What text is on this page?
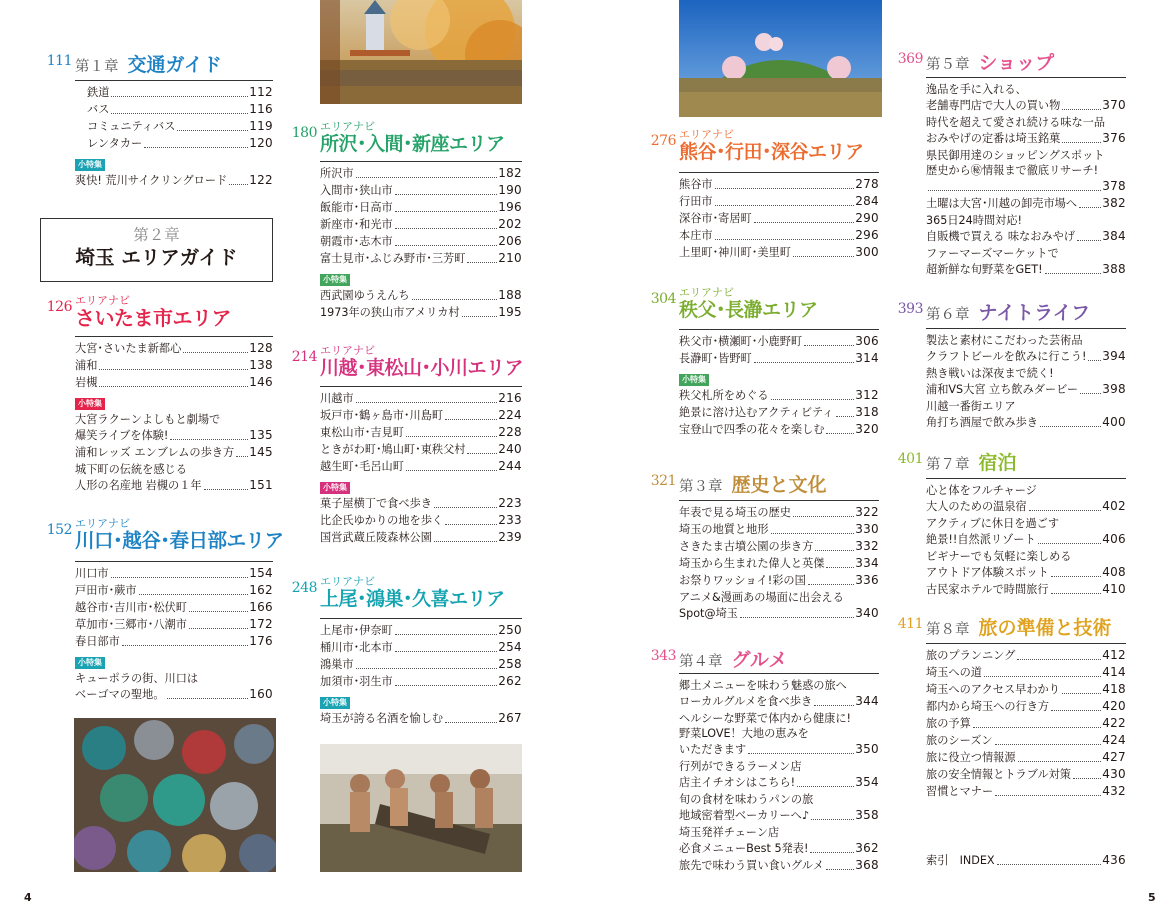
111 第１章 交通ガイド
鉄道	112
バス	116
コミュニティバス	119
レンタカー	120
小特集
爽快! 荒川サイクリングロード 122
第２章
埼玉 エリアガイド
126 エリアナビ
さいたま市エリア
大宮･さいたま新都心	128
浦和	138
岩槻	146
小特集
大宮ラクーンよしもと劇場で
爆笑ライブを体験!	135
浦和レッズ エンブレムの歩き方 145
城下町の伝統を感じる
人形の名産地 岩槻の１年	151
152 エリアナビ
川口･越谷･春日部エリア
川口市	154
戸田市･蕨市	162
越谷市･吉川市･松伏町	166
草加市･三郷市･八潮市	172
春日部市	176
小特集
キューポラの街、川口は
ベーゴマの聖地。	160
180 エリアナビ
所沢･入間･新座エリア
所沢市	182
入間市･狭山市	190
飯能市･日高市	196
新座市･和光市	202
朝霞市･志木市	206
富士見市･ふじみ野市･三芳町	210
小特集
西武園ゆうえんち	188
1973年の狭山市アメリカ村	195
214 エリアナビ
川越･東松山･小川エリア
川越市	216
坂戸市･鶴ヶ島市･川島町	224
東松山市･吉見町	228
ときがわ町･鳩山町･東秩父村	240
越生町･毛呂山町	244
小特集
菓子屋横丁で食べ歩き	223
比企氏ゆかりの地を歩く	233
国営武蔵丘陵森林公園	239
248 エリアナビ
上尾･鴻巣･久喜エリア
上尾市･伊奈町	250
桶川市･北本市	254
鴻巣市	258
加須市･羽生市	262
小特集
埼玉が誇る名酒を愉しむ	267
276 エリアナビ
熊谷･行田･深谷エリア
熊谷市	278
行田市	284
深谷市･寄居町	290
本庄市	296
上里町･神川町･美里町	300
304 エリアナビ
秩父･長瀞エリア
秩父市･横瀬町･小鹿野町	306
長瀞町･皆野町	314
小特集
秩父札所をめぐる	312
絶景に溶け込むアクティビティ 318
宝登山で四季の花々を楽しむ	320
321 第３章 歴史と文化
年表で見る埼玉の歴史	322
埼玉の地質と地形	330
さきたま古墳公園の歩き方	332
埼玉から生まれた偉人と英傑	334
お祭りワッショイ!彩の国	336
アニメ&漫画あの場面に出会える
Spot@埼玉	340
343 第４章 グルメ
郷土メニューを味わう魅惑の旅へ
ローカルグルメを食べ歩き	344
ヘルシーな野菜で体内から健康に!
野菜LOVE！大地の恵みを
いただきます	350
行列ができるラーメン店
店主イチオシはこちら!	354
旬の食材を味わうパンの旅
地域密着型ベーカリーへ♪	358
埼玉発祥チェーン店
必食メニューBest 5発表!	362
旅先で味わう買い食いグルメ	368
369 第５章 ショップ
逸品を手に入れる、
老舗専門店で大人の買い物	370
時代を超えて愛され続ける味な一品
おみやげの定番は埼玉銘菓	376
県民御用達のショッピングスポット
歴史から㊙情報まで徹底リサーチ!
378
土曜は大宮･川越の卸売市場へ 382
365日24時間対応!
自販機で買える 味なおみやげ 384
ファーマーズマーケットで
超新鮮な旬野菜をGET!	388
393 第６章 ナイトライフ
製法と素材にこだわった芸術品
クラフトビールを飲みに行こう! 394
熱き戦いは深夜まで続く!
浦和VS大宮 立ち飲みダービー 398
川越一番街エリア
角打ち酒屋で飲み歩き	400
401 第７章 宿泊
心と体をフルチャージ
大人のための温泉宿	402
アクティブに休日を過ごす
絶景!!自然派リゾート	406
ビギナーでも気軽に楽しめる
アウトドア体験スポット	408
古民家ホテルで時間旅行	410
411 第８章 旅の準備と技術
旅のプランニング	412
埼玉への道	414
埼玉へのアクセス早わかり	418
都内から埼玉への行き方	420
旅の予算	422
旅のシーズン	424
旅に役立つ情報源	427
旅の安全情報とトラブル対策	430
習慣とマナー	432
索引　INDEX	436
4	5
